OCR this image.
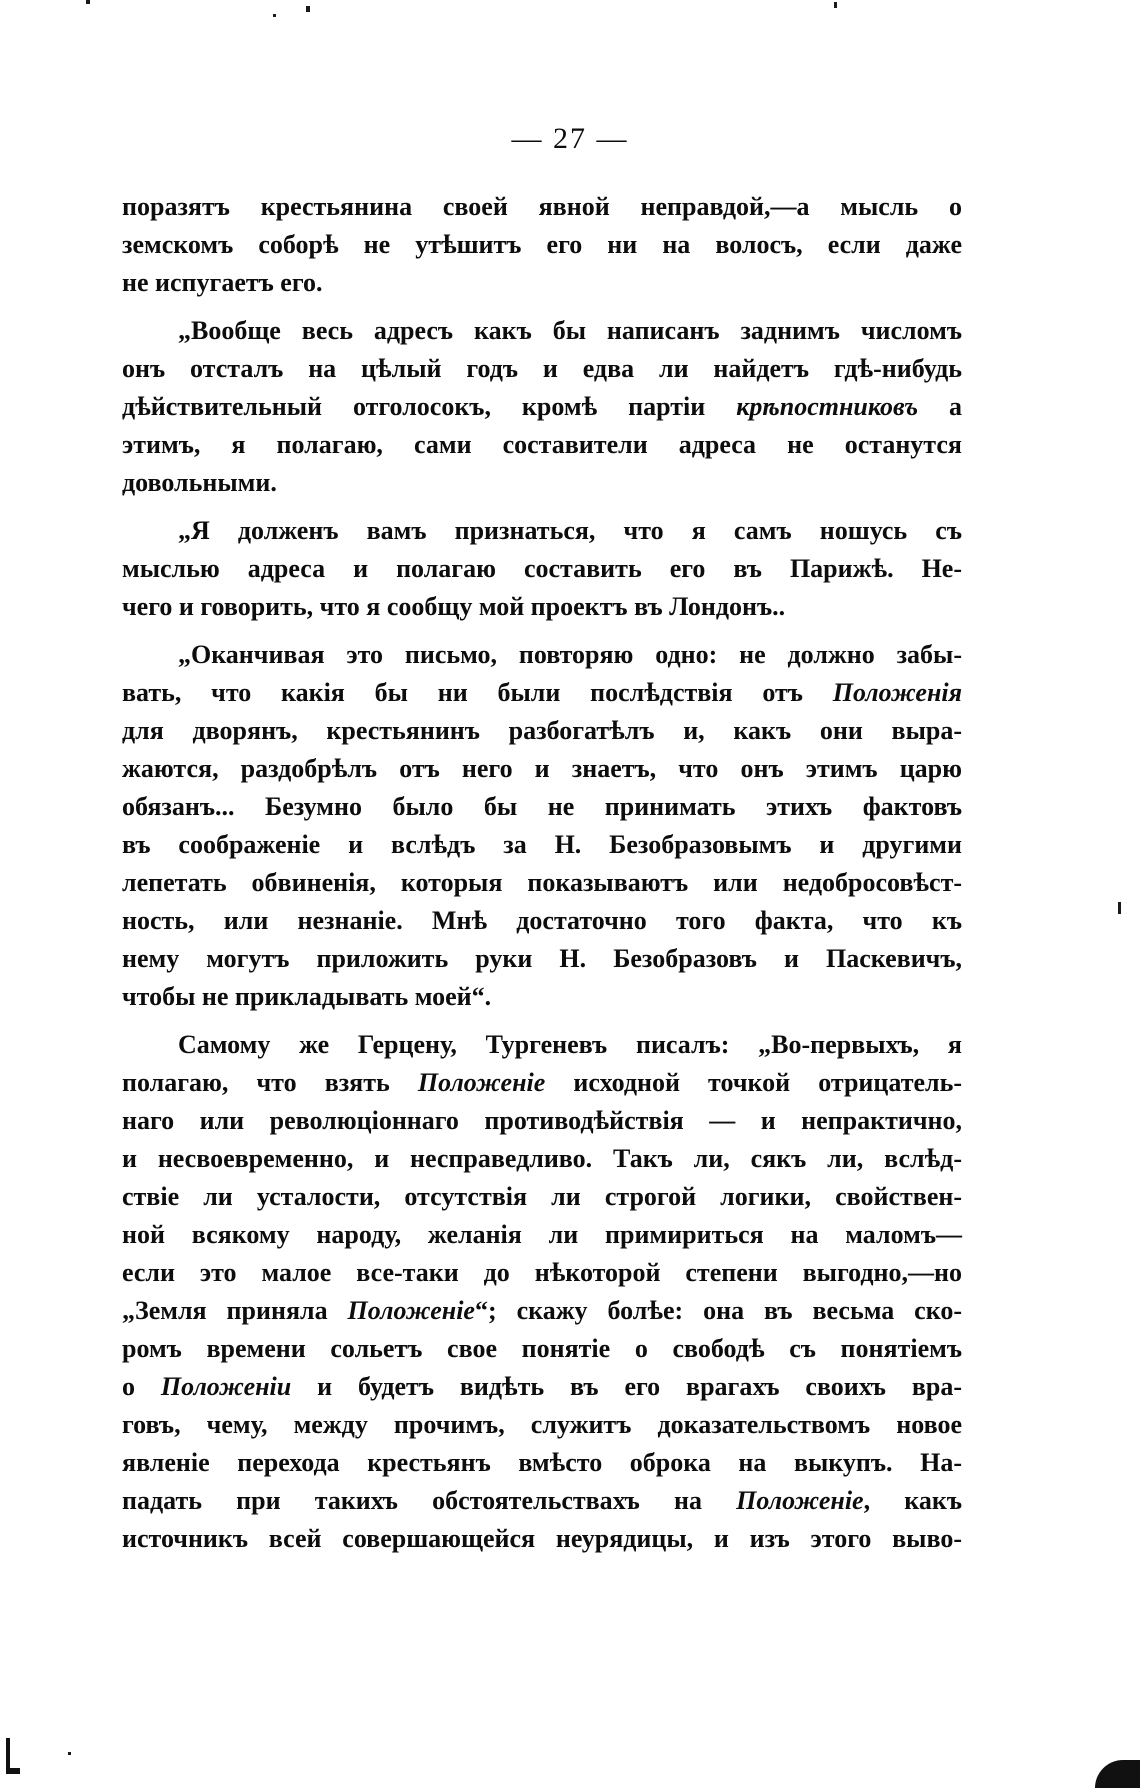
— 27 —
поразятъ крестьянина своей явной неправдой,—а мысль о
земскомъ соборѣ не утѣшитъ его ни на волосъ, если даже
не испугаетъ его.
„Вообще весь адресъ какъ бы написанъ заднимъ числомъ
онъ отсталъ на цѣлый годъ и едва ли найдетъ гдѣ-нибудь
дѣйствительный отголосокъ, кромѣ партіи крѣпостниковъ а
этимъ, я полагаю, сами составители адреса не останутся
довольными.
„Я долженъ вамъ признаться, что я самъ ношусь съ
мыслью адреса и полагаю составить его въ Парижѣ. Не-
чего и говорить, что я сообщу мой проектъ въ Лондонъ..
„Оканчивая это письмо, повторяю одно: не должно забы-
вать, что какія бы ни были послѣдствія отъ Положенія
для дворянъ, крестьянинъ разбогатѣлъ и, какъ они выра-
жаются, раздобрѣлъ отъ него и знаетъ, что онъ этимъ царю
обязанъ... Безумно было бы не принимать этихъ фактовъ
въ соображеніе и вслѣдъ за Н. Безобразовымъ и другими
лепетать обвиненія, которыя показываютъ или недобросовѣст-
ность, или незнаніе. Мнѣ достаточно того факта, что къ
нему могутъ приложить руки Н. Безобразовъ и Паскевичъ,
чтобы не прикладывать моей“.
Самому же Герцену, Тургеневъ писалъ: „Во-первыхъ, я
полагаю, что взять Положеніе исходной точкой отрицатель-
наго или революціоннаго противодѣйствія — и непрактично,
и несвоевременно, и несправедливо. Такъ ли, сякъ ли, вслѣд-
ствіе ли усталости, отсутствія ли строгой логики, свойствен-
ной всякому народу, желанія ли примириться на маломъ—
если это малое все-таки до нѣкоторой степени выгодно,—но
„Земля приняла Положеніе“; скажу болѣе: она въ весьма ско-
ромъ времени сольетъ свое понятіе о свободѣ съ понятіемъ
о Положеніи и будетъ видѣть въ его врагахъ своихъ вра-
говъ, чему, между прочимъ, служитъ доказательствомъ новое
явленіе перехода крестьянъ вмѣсто оброка на выкупъ. На-
падать при такихъ обстоятельствахъ на Положеніе, какъ
источникъ всей совершающейся неурядицы, и изъ этого выво-
